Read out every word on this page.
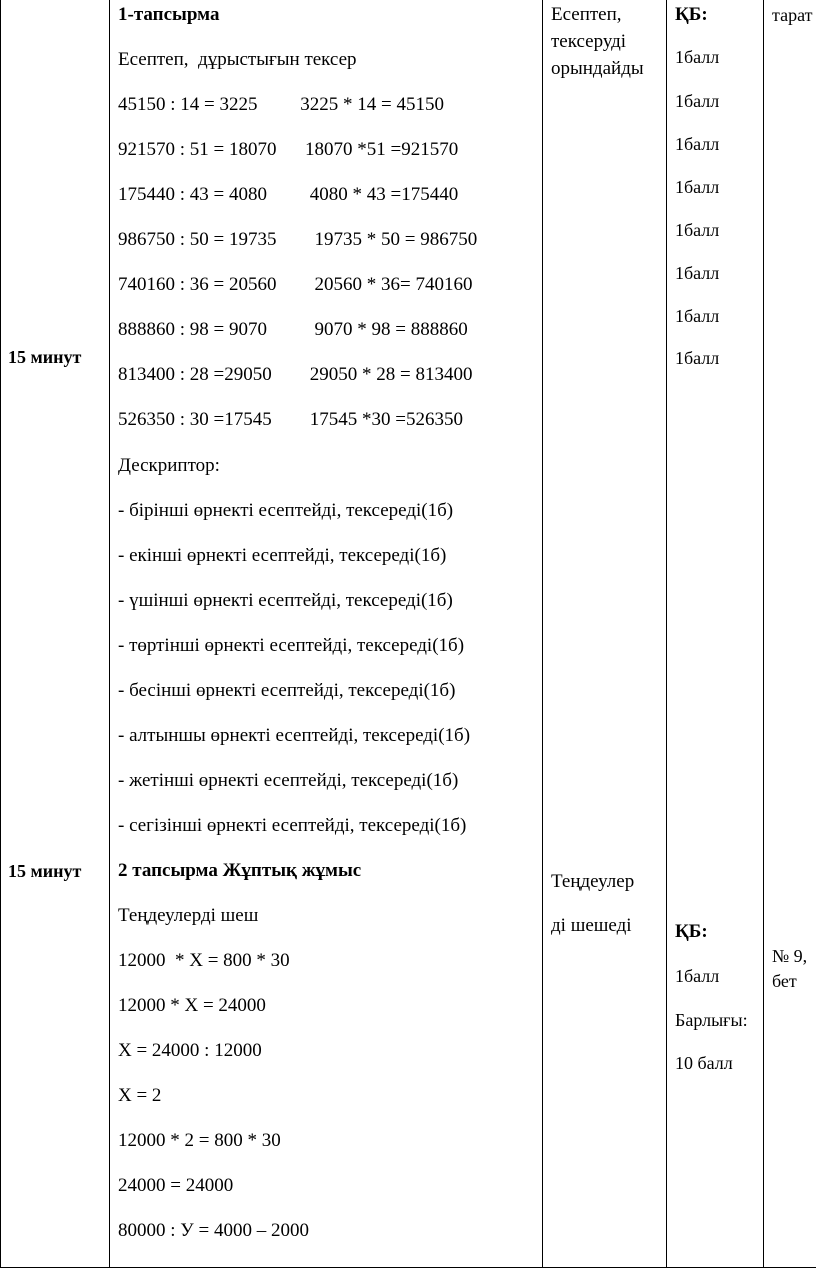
15 минут
15 минут
1-тапсырма
Есептеп,  дұрыстығын тексер
45150 : 14 = 3225         3225 * 14 = 45150
921570 : 51 = 18070      18070 *51 =921570
175440 : 43 = 4080         4080 * 43 =175440
986750 : 50 = 19735        19735 * 50 = 986750
740160 : 36 = 20560        20560 * 36= 740160
888860 : 98 = 9070          9070 * 98 = 888860
813400 : 28 =29050        29050 * 28 = 813400
526350 : 30 =17545        17545 *30 =526350
Дескриптор:
- бірінші өрнекті есептейді, тексереді(1б)
- екінші өрнекті есептейді, тексереді(1б)
- үшінші өрнекті есептейді, тексереді(1б)
- төртінші өрнекті есептейді, тексереді(1б)
- бесінші өрнекті есептейді, тексереді(1б)
- алтыншы өрнекті есептейді, тексереді(1б)
- жетінші өрнекті есептейді, тексереді(1б)
- сегізінші өрнекті есептейді, тексереді(1б)
2 тапсырма Жұптық жұмыс
Теңдеулерді шеш
12000  * Х = 800 * 30
12000 * Х = 24000
Х = 24000 : 12000
Х = 2
12000 * 2 = 800 * 30
24000 = 24000
80000 : У = 4000 – 2000
Есептеп,
тексеруді
орындайды
Теңдеулер
ді шешеді
ҚБ:
1балл
1балл
1балл
1балл
1балл
1балл
1балл
1балл
ҚБ:
1балл
Барлығы:
10 балл
тарат
№ 9,
бет
